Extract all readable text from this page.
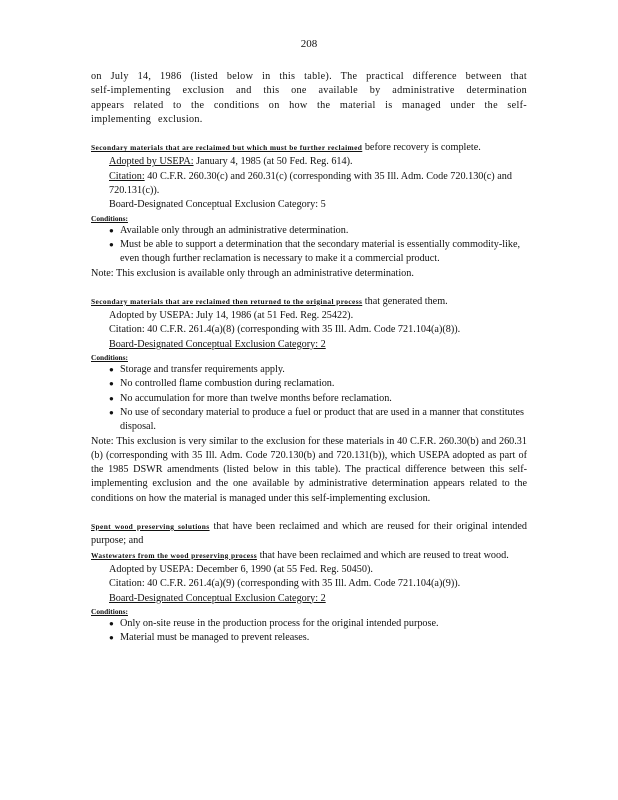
208

on July 14, 1986 (listed below in this table). The practical difference between that self-implementing exclusion and this one available by administrative determination appears related to the conditions on how the material is managed under the self-implementing exclusion.

Secondary materials that are reclaimed but which must be further reclaimed before recovery is complete.

Adopted by USEPA: January 4, 1985 (at 50 Fed. Reg. 614).

Citation: 40 C.F.R. 260.30(c) and 260.31(c) (corresponding with 35 Ill. Adm. Code 720.130(c) and 720.131(c)).

Board-Designated Conceptual Exclusion Category: 5

Conditions:

● Available only through an administrative determination.
● Must be able to support a determination that the secondary material is essentially commodity-like, even though further reclamation is necessary to make it a commercial product.

Note: This exclusion is available only through an administrative determination.

Secondary materials that are reclaimed then returned to the original process that generated them.

Adopted by USEPA: July 14, 1986 (at 51 Fed. Reg. 25422).

Citation: 40 C.F.R. 261.4(a)(8) (corresponding with 35 Ill. Adm. Code 721.104(a)(8)).

Board-Designated Conceptual Exclusion Category: 2

Conditions:

● Storage and transfer requirements apply.
● No controlled flame combustion during reclamation.
● No accumulation for more than twelve months before reclamation.
● No use of secondary material to produce a fuel or product that are used in a manner that constitutes disposal.

Note: This exclusion is very similar to the exclusion for these materials in 40 C.F.R. 260.30(b) and 260.31 (b) (corresponding with 35 Ill. Adm. Code 720.130(b) and 720.131(b)), which USEPA adopted as part of the 1985 DSWR amendments (listed below in this table). The practical difference between this self-implementing exclusion and the one available by administrative determination appears related to the conditions on how the material is managed under this self-implementing exclusion.

Spent wood preserving solutions that have been reclaimed and which are reused for their original intended purpose; and

Wastewaters from the wood preserving process that have been reclaimed and which are reused to treat wood.

Adopted by USEPA: December 6, 1990 (at 55 Fed. Reg. 50450).

Citation: 40 C.F.R. 261.4(a)(9) (corresponding with 35 Ill. Adm. Code 721.104(a)(9)).

Board-Designated Conceptual Exclusion Category: 2

Conditions:

● Only on-site reuse in the production process for the original intended purpose.
● Material must be managed to prevent releases.
